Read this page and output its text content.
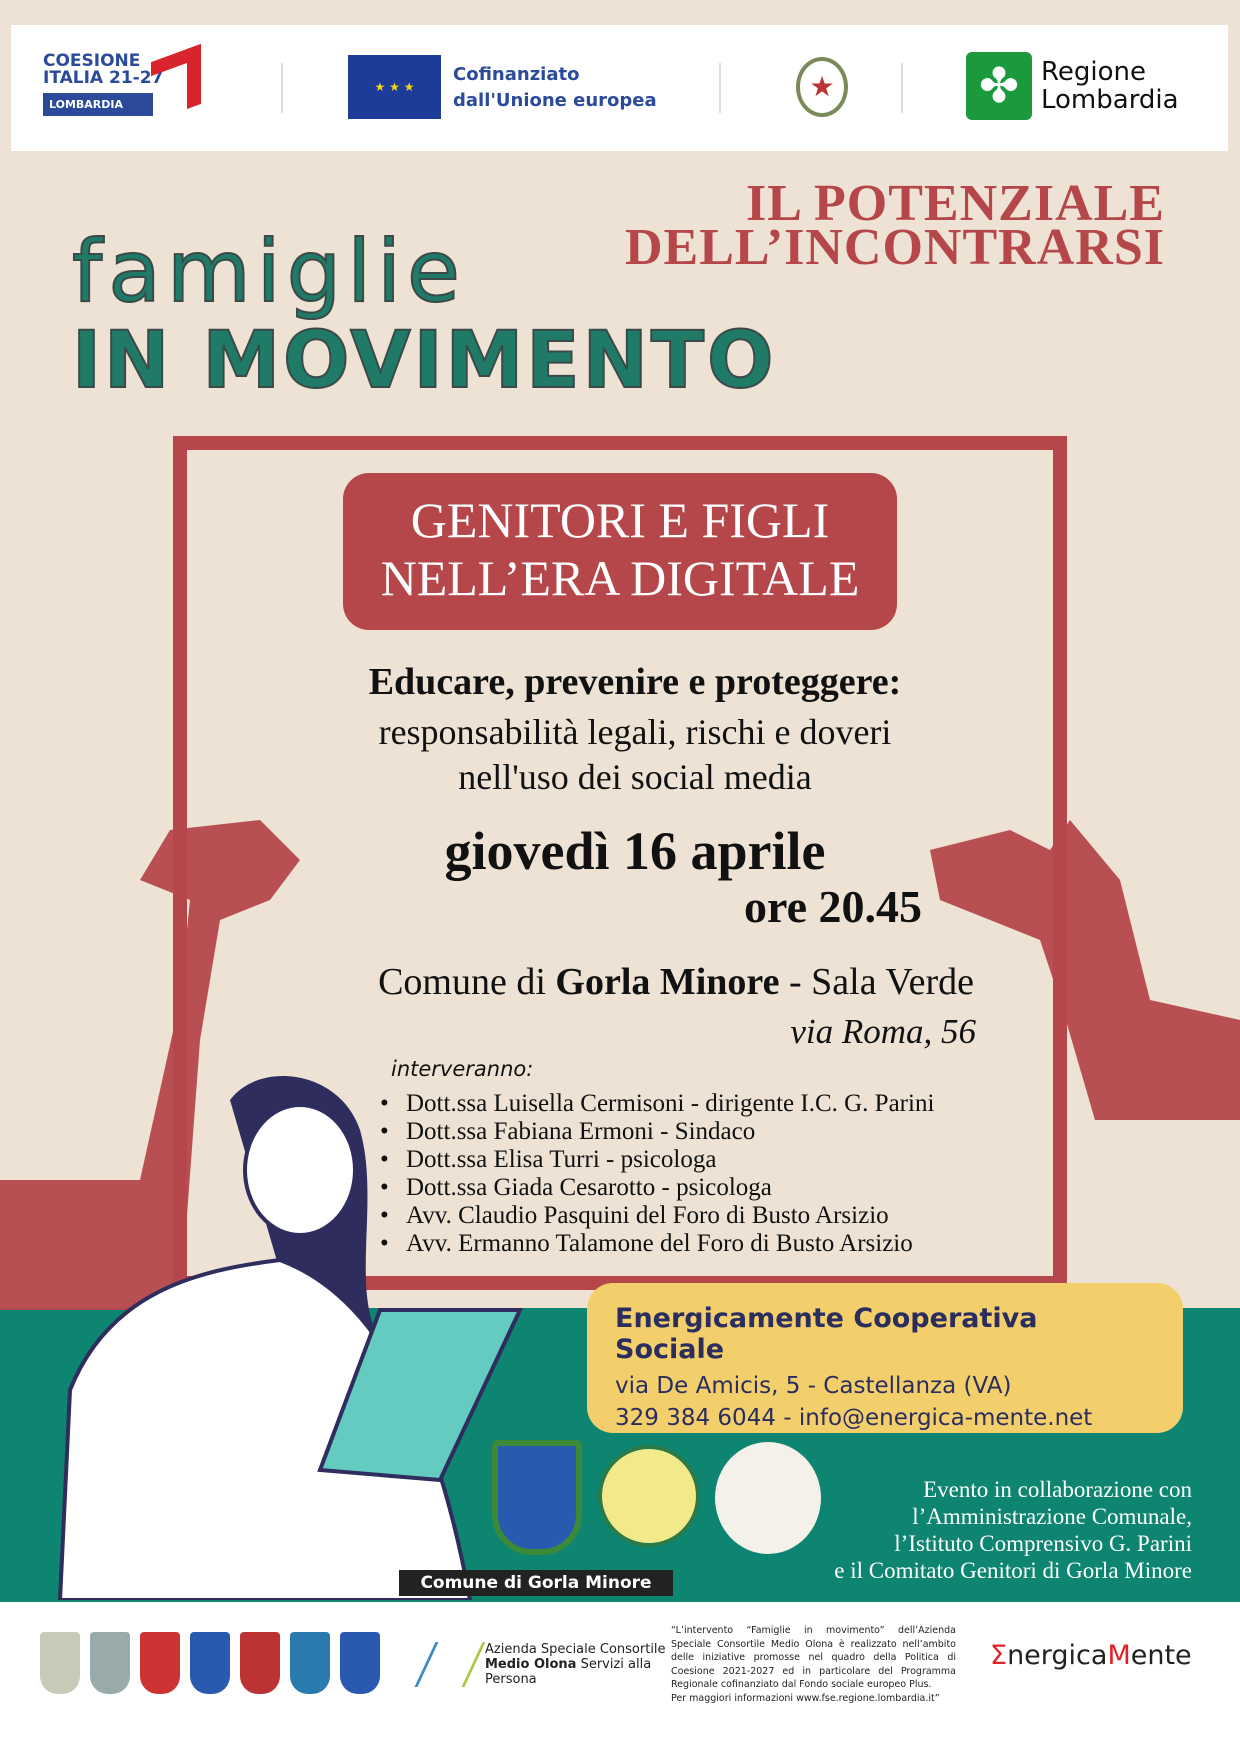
COESIONE
ITALIA 21-27
LOMBARDIA
★ ★ ★
Cofinanziato
dall'Unione europea	★	✤ Regione
Lombardia
IL POTENZIALE
DELL’INCONTRARSI
famiglie
IN MOVIMENTO
GENITORI E FIGLI
NELL’ERA DIGITALE
Educare, prevenire e proteggere:
responsabilità legali, rischi e doveri
nell'uso dei social media
giovedì 16 aprile
ore 20.45
Comune di Gorla Minore - Sala Verde
via Roma, 56
interveranno:
• Dott.ssa Luisella Cermisoni - dirigente I.C. G. Parini
• Dott.ssa Fabiana Ermoni - Sindaco
• Dott.ssa Elisa Turri - psicologa
• Dott.ssa Giada Cesarotto - psicologa
• Avv. Claudio Pasquini del Foro di Busto Arsizio
• Avv. Ermanno Talamone del Foro di Busto Arsizio
Energicamente Cooperativa Sociale
via De Amicis, 5 - Castellanza (VA)
329 384 6044 - info@energica-mente.net
Comune di Gorla Minore
Evento in collaborazione con
l’Amministrazione Comunale,
l’Istituto Comprensivo G. Parini
e il Comitato Genitori di Gorla Minore
Azienda Speciale Consortile
Medio Olona Servizi alla
Persona
“L’intervento “Famiglie in movimento” dell’Azienda Speciale Consortile Medio Olona è realizzato nell’ambito delle iniziative promosse nel quadro della Politica di Coesione 2021-2027 ed in particolare del Programma Regionale cofinanziato dal Fondo sociale europeo Plus.
Per maggiori informazioni www.fse.regione.lombardia.it”
ΣnergicaMente
